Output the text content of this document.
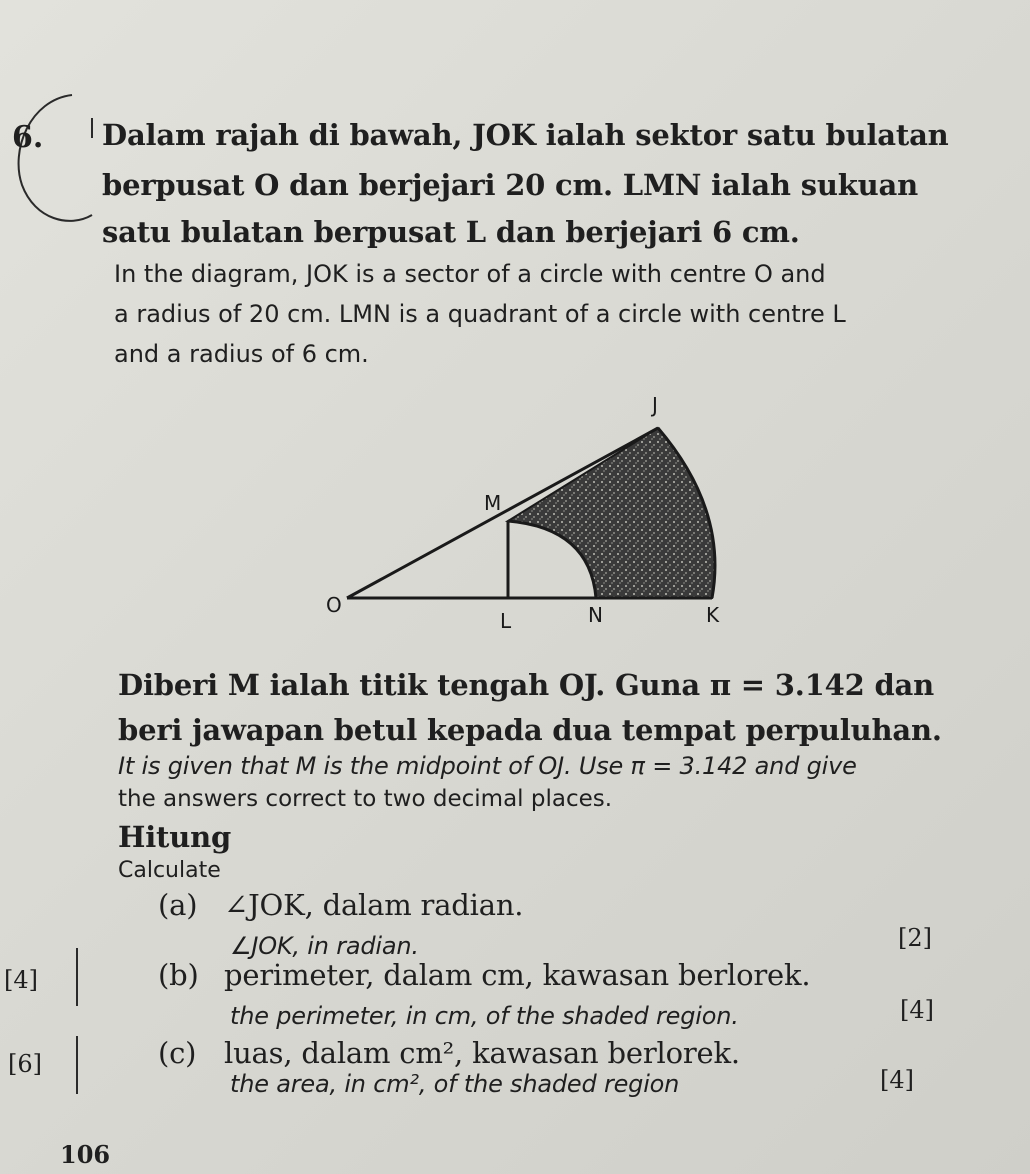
6. Dalam rajah di bawah, JOK ialah sektor satu bulatan
berpusat O dan berjejari 20 cm. LMN ialah sukuan
satu bulatan berpusat L dan berjejari 6 cm.
In the diagram, JOK is a sector of a circle with centre O and
a radius of 20 cm. LMN is a quadrant of a circle with centre L
and a radius of 6 cm.
J
M
O
L	N	K
Diberi M ialah titik tengah OJ. Guna π = 3.142 dan
beri jawapan betul kepada dua tempat perpuluhan.
It is given that M is the midpoint of OJ. Use π = 3.142 and give
the answers correct to two decimal places.
Hitung
Calculate
(a) ∠JOK, dalam radian.
∠JOK, in radian.	[2]
(b) perimeter, dalam cm, kawasan berlorek.
the perimeter, in cm, of the shaded region.	[4]
(c) luas, dalam cm², kawasan berlorek.
the area, in cm², of the shaded region	[4]
[4]
[6]
106
